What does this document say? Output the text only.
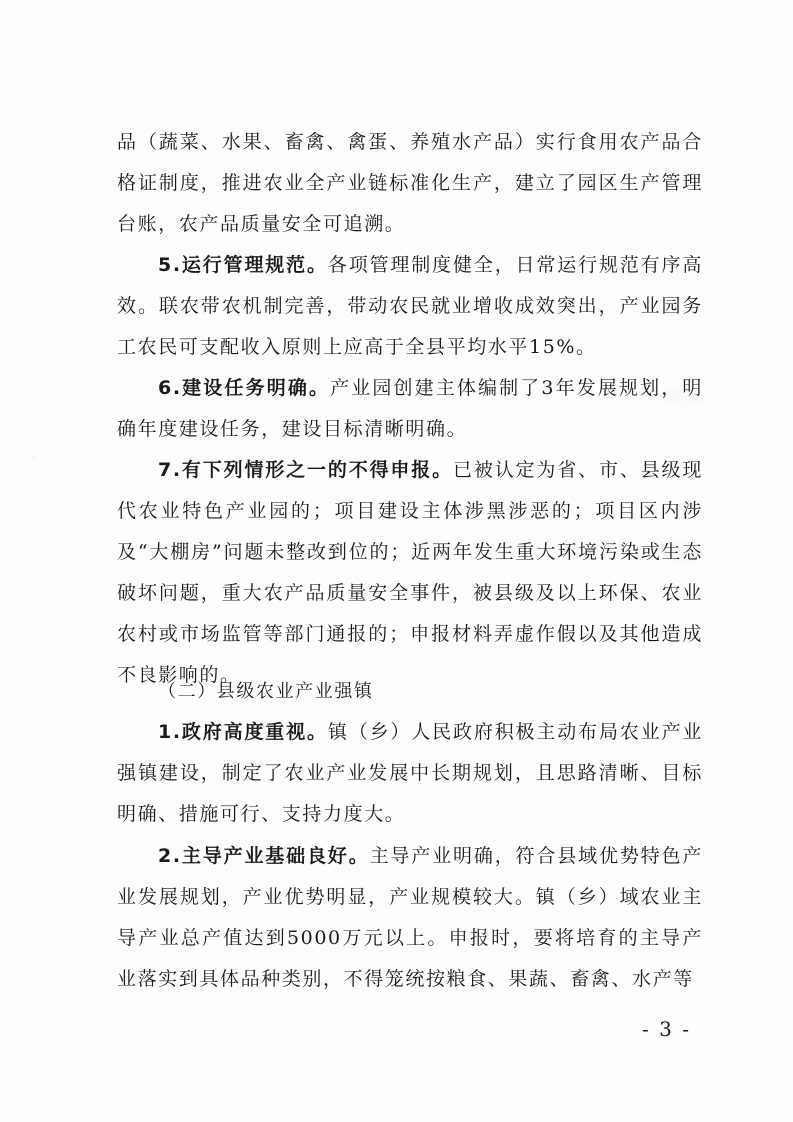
品（蔬菜、水果、畜禽、禽蛋、养殖水产品）实行食用农产品合格证制度，推进农业全产业链标准化生产，建立了园区生产管理台账，农产品质量安全可追溯。

5.运行管理规范。各项管理制度健全，日常运行规范有序高效。联农带农机制完善，带动农民就业增收成效突出，产业园务工农民可支配收入原则上应高于全县平均水平15%。

6.建设任务明确。产业园创建主体编制了3年发展规划，明确年度建设任务，建设目标清晰明确。

7.有下列情形之一的不得申报。已被认定为省、市、县级现代农业特色产业园的；项目建设主体涉黑涉恶的；项目区内涉及“大棚房”问题未整改到位的；近两年发生重大环境污染或生态破坏问题，重大农产品质量安全事件，被县级及以上环保、农业农村或市场监管等部门通报的；申报材料弄虚作假以及其他造成不良影响的。

（二）县级农业产业强镇

1.政府高度重视。镇（乡）人民政府积极主动布局农业产业强镇建设，制定了农业产业发展中长期规划，且思路清晰、目标明确、措施可行、支持力度大。

2.主导产业基础良好。主导产业明确，符合县域优势特色产业发展规划，产业优势明显，产业规模较大。镇（乡）域农业主导产业总产值达到5000万元以上。申报时，要将培育的主导产业落实到具体品种类别，不得笼统按粮食、果蔬、畜禽、水产等

- 3 -
